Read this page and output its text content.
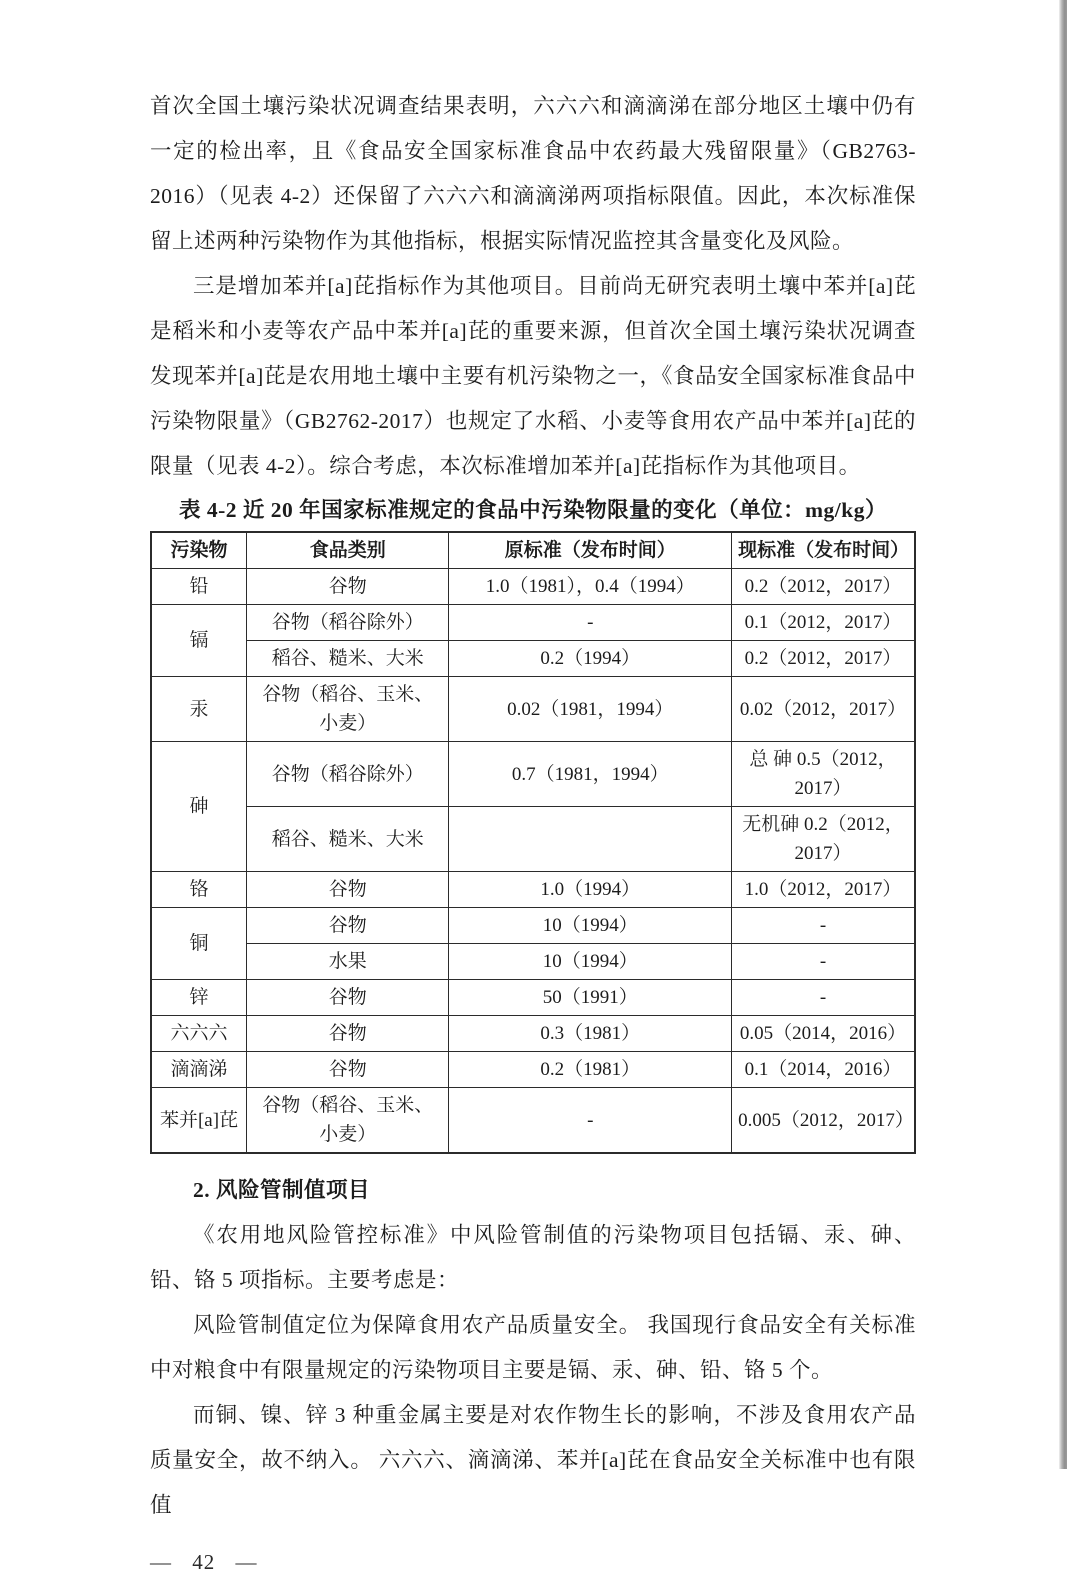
首次全国土壤污染状况调查结果表明，六六六和滴滴涕在部分地区土壤中仍有一定的检出率，且《食品安全国家标准食品中农药最大残留限量》（GB2763-2016）（见表 4-2）还保留了六六六和滴滴涕两项指标限值。因此，本次标准保留上述两种污染物作为其他指标，根据实际情况监控其含量变化及风险。

三是增加苯并[a]芘指标作为其他项目。目前尚无研究表明土壤中苯并[a]芘是稻米和小麦等农产品中苯并[a]芘的重要来源，但首次全国土壤污染状况调查发现苯并[a]芘是农用地土壤中主要有机污染物之一，《食品安全国家标准食品中污染物限量》（GB2762-2017）也规定了水稻、小麦等食用农产品中苯并[a]芘的限量（见表 4-2）。综合考虑，本次标准增加苯并[a]芘指标作为其他项目。

表 4-2 近 20 年国家标准规定的食品中污染物限量的变化（单位：mg/kg）
污染物	食品类别	原标准（发布时间）	现标准（发布时间）
铅	谷物	1.0（1981），0.4（1994）	0.2（2012，2017）
镉	谷物（稻谷除外）	-	0.1（2012，2017）
	稻谷、糙米、大米	0.2（1994）	0.2（2012，2017）
汞	谷物（稻谷、玉米、小麦）	0.02（1981，1994）	0.02（2012，2017）
砷	谷物（稻谷除外）	0.7（1981，1994）	总 砷 0.5（2012，2017）
	稻谷、糙米、大米		无机砷 0.2（2012，2017）
铬	谷物	1.0（1994）	1.0（2012，2017）
铜	谷物	10（1994）	-
	水果	10（1994）	-
锌	谷物	50（1991）	-
六六六	谷物	0.3（1981）	0.05（2014，2016）
滴滴涕	谷物	0.2（1981）	0.1（2014，2016）
苯并[a]芘	谷物（稻谷、玉米、小麦）	-	0.005（2012，2017）

2. 风险管制值项目

《农用地风险管控标准》中风险管制值的污染物项目包括镉、汞、砷、铅、铬 5 项指标。主要考虑是：

风险管制值定位为保障食用农产品质量安全。 我国现行食品安全有关标准中对粮食中有限量规定的污染物项目主要是镉、汞、砷、铅、铬 5 个。

而铜、镍、锌 3 种重金属主要是对农作物生长的影响，不涉及食用农产品质量安全，故不纳入。 六六六、滴滴涕、苯并[a]芘在食品安全关标准中也有限值

— 42 —
